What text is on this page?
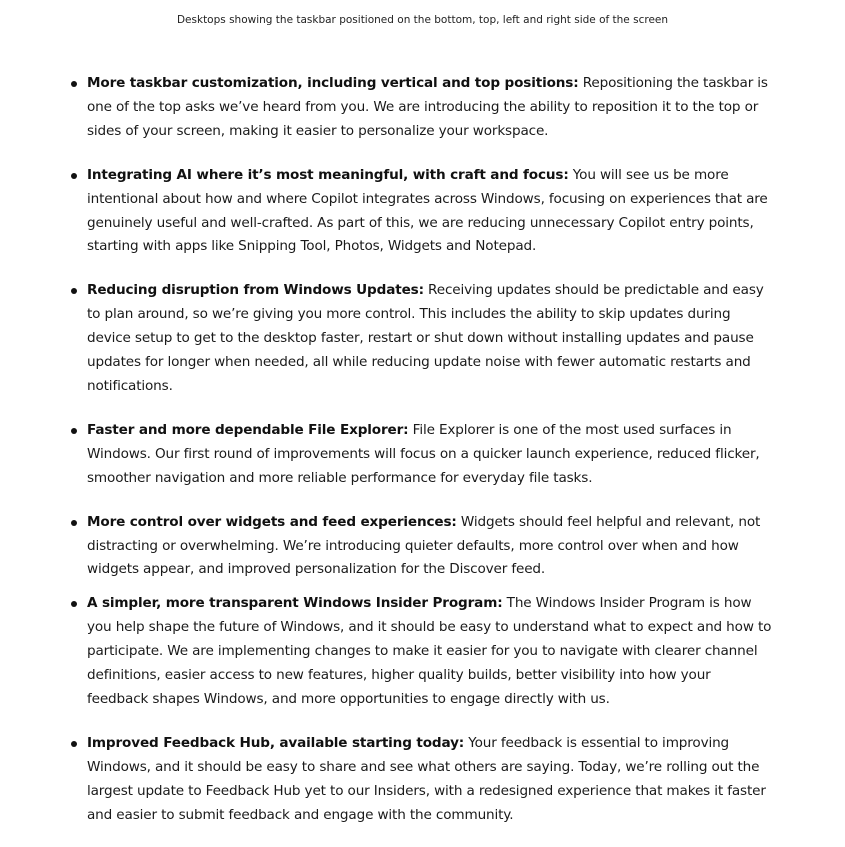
Desktops showing the taskbar positioned on the bottom, top, left and right side of the screen

More taskbar customization, including vertical and top positions: Repositioning the taskbar is one of the top asks we’ve heard from you. We are introducing the ability to reposition it to the top or sides of your screen, making it easier to personalize your workspace.
Integrating AI where it’s most meaningful, with craft and focus: You will see us be more intentional about how and where Copilot integrates across Windows, focusing on experiences that are genuinely useful and well-crafted. As part of this, we are reducing unnecessary Copilot entry points, starting with apps like Snipping Tool, Photos, Widgets and Notepad.
Reducing disruption from Windows Updates: Receiving updates should be predictable and easy to plan around, so we’re giving you more control. This includes the ability to skip updates during device setup to get to the desktop faster, restart or shut down without installing updates and pause updates for longer when needed, all while reducing update noise with fewer automatic restarts and notifications.
Faster and more dependable File Explorer: File Explorer is one of the most used surfaces in Windows. Our first round of improvements will focus on a quicker launch experience, reduced flicker, smoother navigation and more reliable performance for everyday file tasks.
More control over widgets and feed experiences: Widgets should feel helpful and relevant, not distracting or overwhelming. We’re introducing quieter defaults, more control over when and how widgets appear, and improved personalization for the Discover feed.
A simpler, more transparent Windows Insider Program: The Windows Insider Program is how you help shape the future of Windows, and it should be easy to understand what to expect and how to participate. We are implementing changes to make it easier for you to navigate with clearer channel definitions, easier access to new features, higher quality builds, better visibility into how your feedback shapes Windows, and more opportunities to engage directly with us.
Improved Feedback Hub, available starting today: Your feedback is essential to improving Windows, and it should be easy to share and see what others are saying. Today, we’re rolling out the largest update to Feedback Hub yet to our Insiders, with a redesigned experience that makes it faster and easier to submit feedback and engage with the community.
